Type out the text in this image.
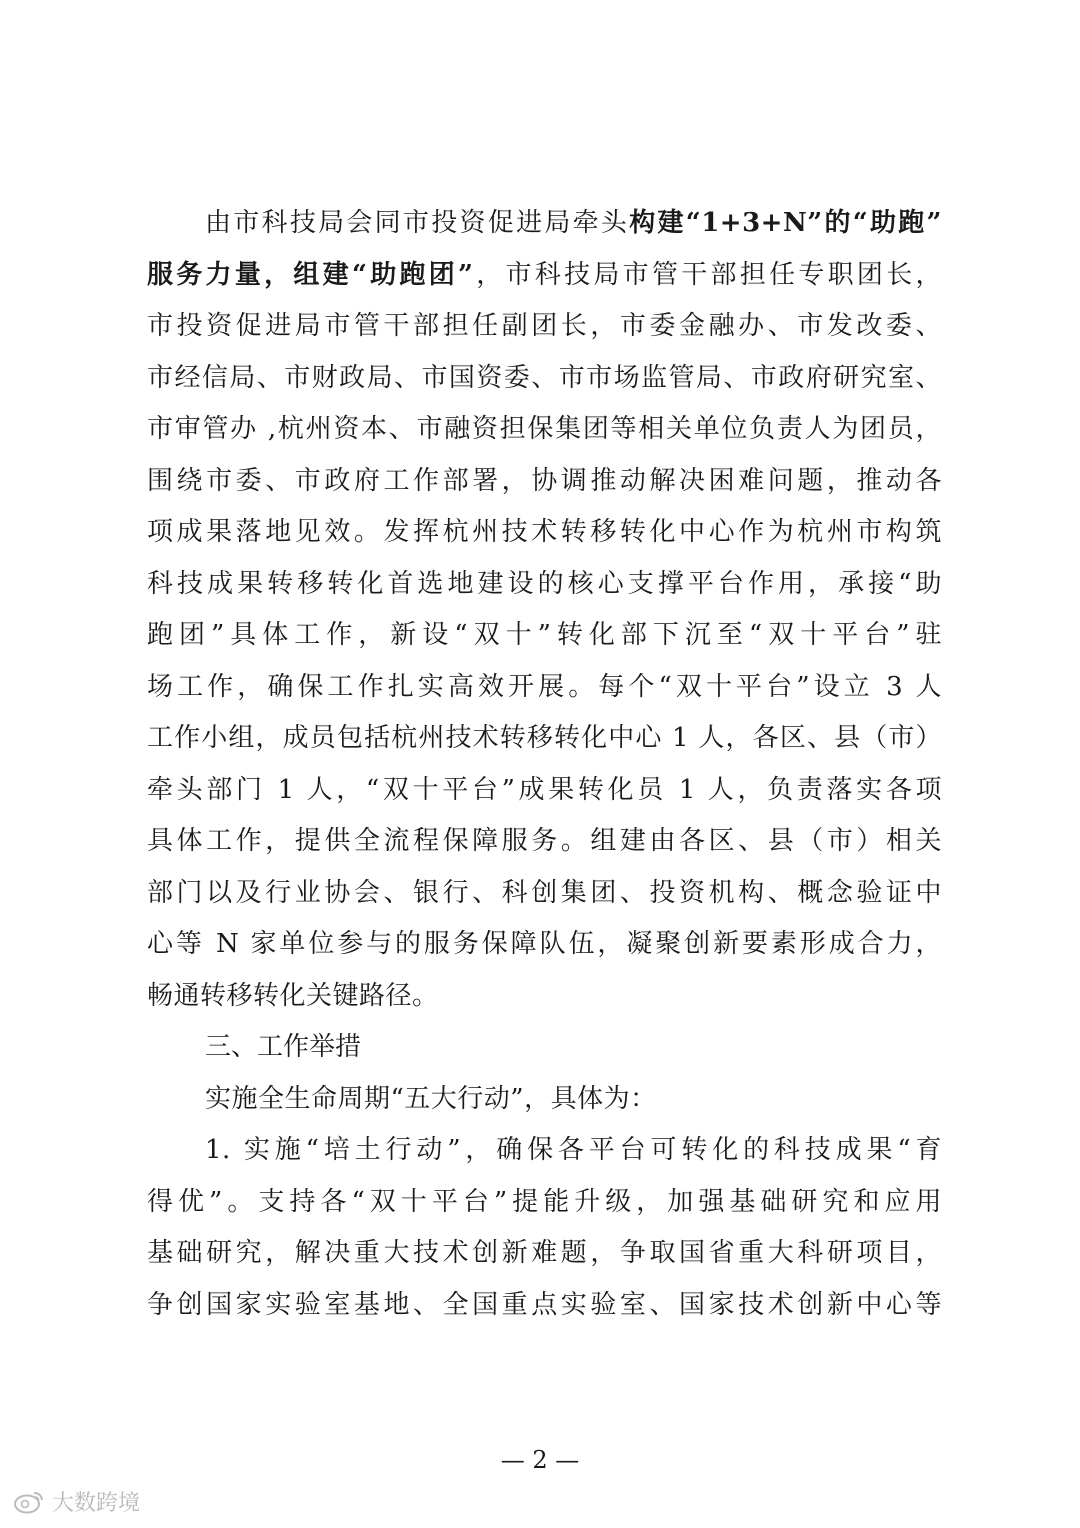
由市科技局会同市投资促进局牵头构建“1+3+N”的“助跑”
服务力量，组建“助跑团”，市科技局市管干部担任专职团长，
市投资促进局市管干部担任副团长，市委金融办、市发改委、
市经信局、市财政局、市国资委、市市场监管局、市政府研究室、
市审管办 ,杭州资本、市融资担保集团等相关单位负责人为团员，
围绕市委、市政府工作部署，协调推动解决困难问题，推动各
项成果落地见效。发挥杭州技术转移转化中心作为杭州市构筑
科技成果转移转化首选地建设的核心支撑平台作用，承接“助
跑团”具体工作，新设“双十”转化部下沉至“双十平台”驻
场工作，确保工作扎实高效开展。每个“双十平台”设立 3 人
工作小组，成员包括杭州技术转移转化中心 1 人，各区、县（市）
牵头部门 1 人，“双十平台”成果转化员 1 人，负责落实各项
具体工作，提供全流程保障服务。组建由各区、县（市）相关
部门以及行业协会、银行、科创集团、投资机构、概念验证中
心等 N 家单位参与的服务保障队伍，凝聚创新要素形成合力，
畅通转移转化关键路径。
三、工作举措
实施全生命周期“五大行动”，具体为：
1. 实施“培土行动”，确保各平台可转化的科技成果“育
得优”。支持各“双十平台”提能升级，加强基础研究和应用
基础研究，解决重大技术创新难题，争取国省重大科研项目，
争创国家实验室基地、全国重点实验室、国家技术创新中心等
— 2 —
大数跨境
